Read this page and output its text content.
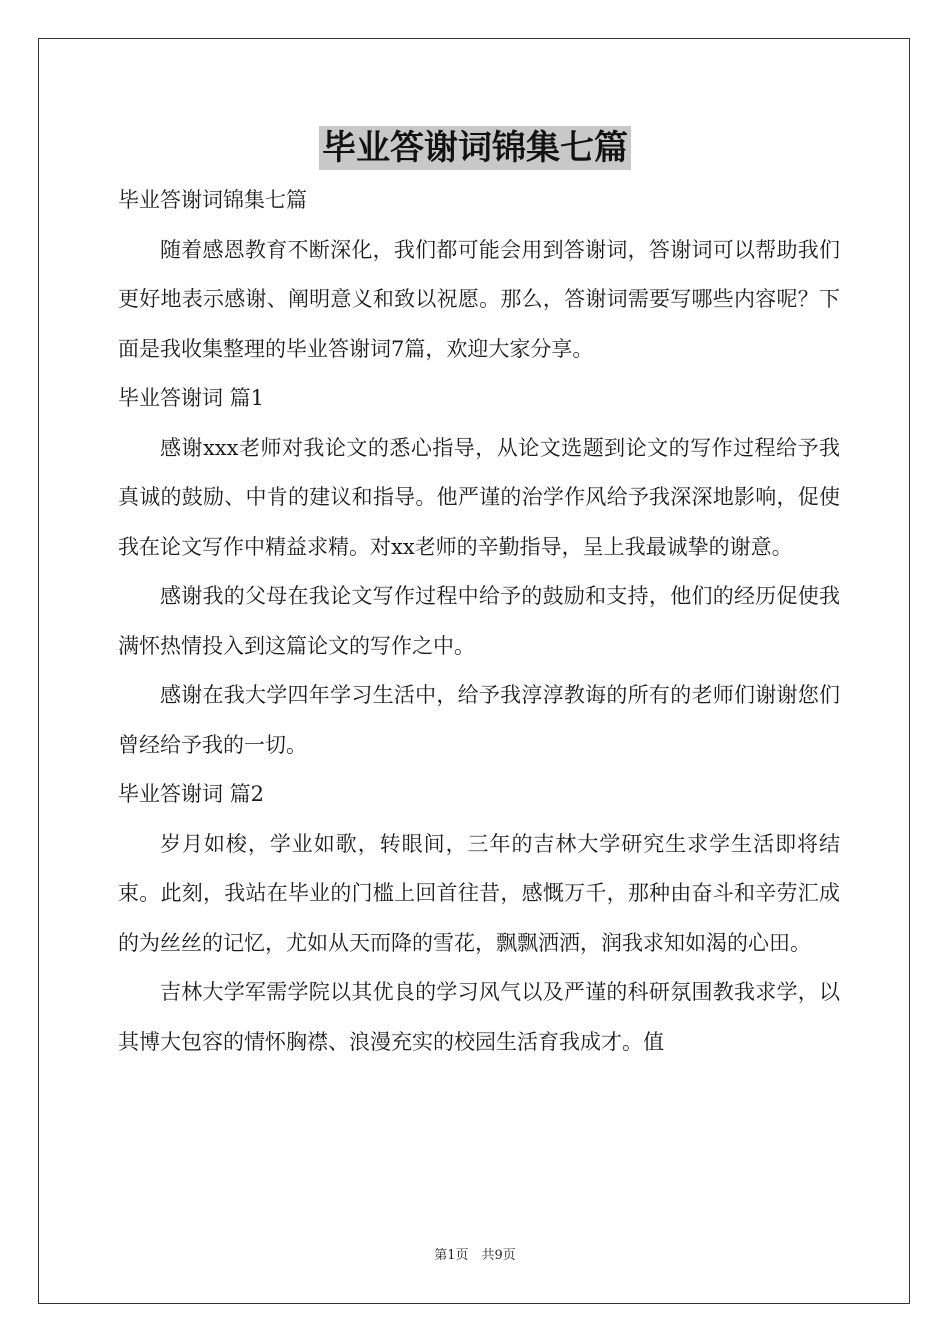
毕业答谢词锦集七篇

毕业答谢词锦集七篇

随着感恩教育不断深化，我们都可能会用到答谢词，答谢词可以帮助我们更好地表示感谢、阐明意义和致以祝愿。那么，答谢词需要写哪些内容呢？下面是我收集整理的毕业答谢词7篇，欢迎大家分享。

毕业答谢词 篇1

感谢xxx老师对我论文的悉心指导，从论文选题到论文的写作过程给予我真诚的鼓励、中肯的建议和指导。他严谨的治学作风给予我深深地影响，促使我在论文写作中精益求精。对xx老师的辛勤指导，呈上我最诚挚的谢意。

感谢我的父母在我论文写作过程中给予的鼓励和支持，他们的经历促使我满怀热情投入到这篇论文的写作之中。

感谢在我大学四年学习生活中，给予我淳淳教诲的所有的老师们谢谢您们曾经给予我的一切。

毕业答谢词 篇2

岁月如梭，学业如歌，转眼间，三年的吉林大学研究生求学生活即将结束。此刻，我站在毕业的门槛上回首往昔，感慨万千，那种由奋斗和辛劳汇成的为丝丝的记忆，尤如从天而降的雪花，飘飘洒洒，润我求知如渴的心田。

吉林大学军需学院以其优良的学习风气以及严谨的科研氛围教我求学，以其博大包容的情怀胸襟、浪漫充实的校园生活育我成才。值

第1页　共9页
